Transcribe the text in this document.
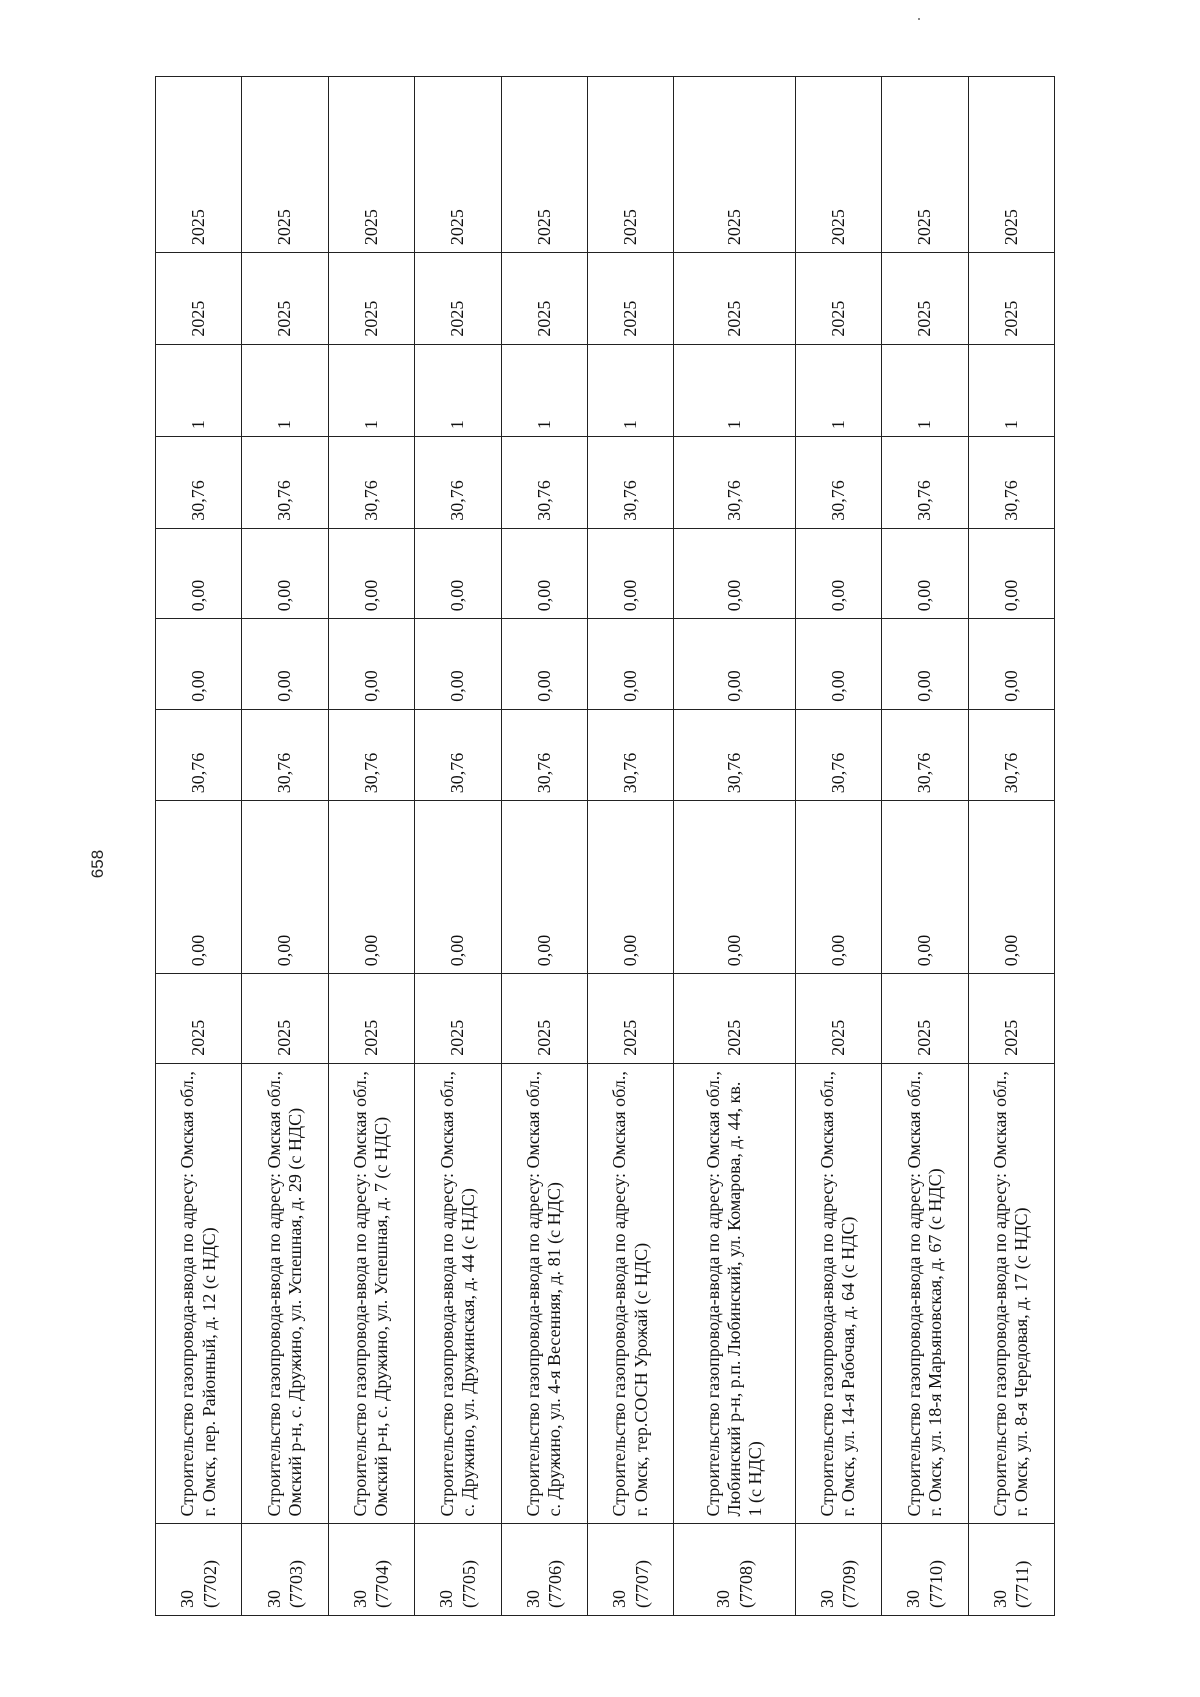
658
30 (7702)	Строительство газопровода-ввода по адресу: Омская обл., г. Омск, пер. Районный, д. 12 (с НДС)	2025	0,00	30,76	0,00	0,00	30,76	1	2025	2025

30 (7703)	Строительство газопровода-ввода по адресу: Омская обл., Омский р-н, с. Дружино, ул. Успешная, д. 29 (с НДС)	2025	0,00	30,76	0,00	0,00	30,76	1	2025	2025

30 (7704)	Строительство газопровода-ввода по адресу: Омская обл., Омский р-н, с. Дружино, ул. Успешная, д. 7 (с НДС)	2025	0,00	30,76	0,00	0,00	30,76	1	2025	2025

30 (7705)	Строительство газопровода-ввода по адресу: Омская обл., с. Дружино, ул. Дружинская, д. 44 (с НДС)	2025	0,00	30,76	0,00	0,00	30,76	1	2025	2025

30 (7706)	Строительство газопровода-ввода по адресу: Омская обл., с. Дружино, ул. 4-я Весенняя, д. 81 (с НДС)	2025	0,00	30,76	0,00	0,00	30,76	1	2025	2025

30 (7707)	Строительство газопровода-ввода по адресу: Омская обл., г. Омск, тер.СОСН Урожай (с НДС)	2025	0,00	30,76	0,00	0,00	30,76	1	2025	2025

30 (7708)	Строительство газопровода-ввода по адресу: Омская обл., Любинский р-н, р.п. Любинский, ул. Комарова, д. 44, кв. 1 (с НДС)	2025	0,00	30,76	0,00	0,00	30,76	1	2025	2025

30 (7709)	Строительство газопровода-ввода по адресу: Омская обл., г. Омск, ул. 14-я Рабочая, д. 64 (с НДС)	2025	0,00	30,76	0,00	0,00	30,76	1	2025	2025

30 (7710)	Строительство газопровода-ввода по адресу: Омская обл., г. Омск, ул. 18-я Марьяновская, д. 67 (с НДС)	2025	0,00	30,76	0,00	0,00	30,76	1	2025	2025

30 (7711)	Строительство газопровода-ввода по адресу: Омская обл., г. Омск, ул. 8-я Чередовая, д. 17 (с НДС)	2025	0,00	30,76	0,00	0,00	30,76	1	2025	2025
